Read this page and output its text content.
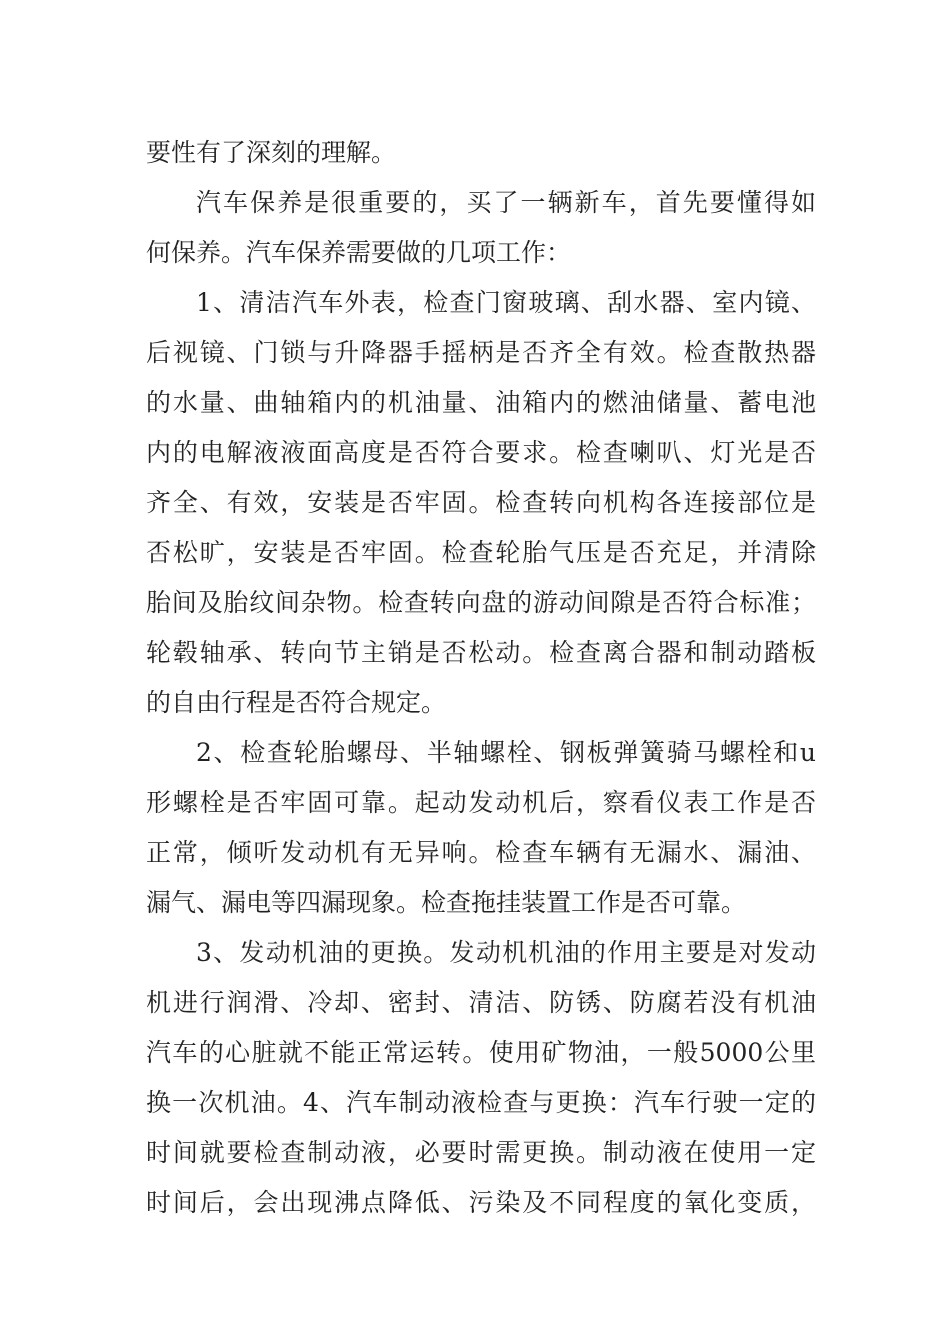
要性有了深刻的理解。
汽车保养是很重要的，买了一辆新车，首先要懂得如
何保养。汽车保养需要做的几项工作：
1、清洁汽车外表，检查门窗玻璃、刮水器、室内镜、
后视镜、门锁与升降器手摇柄是否齐全有效。检查散热器
的水量、曲轴箱内的机油量、油箱内的燃油储量、蓄电池
内的电解液液面高度是否符合要求。检查喇叭、灯光是否
齐全、有效，安装是否牢固。检查转向机构各连接部位是
否松旷，安装是否牢固。检查轮胎气压是否充足，并清除
胎间及胎纹间杂物。检查转向盘的游动间隙是否符合标准；
轮毂轴承、转向节主销是否松动。检查离合器和制动踏板
的自由行程是否符合规定。
2、检查轮胎螺母、半轴螺栓、钢板弹簧骑马螺栓和u
形螺栓是否牢固可靠。起动发动机后，察看仪表工作是否
正常，倾听发动机有无异响。检查车辆有无漏水、漏油、
漏气、漏电等四漏现象。检查拖挂装置工作是否可靠。
3、发动机油的更换。发动机机油的作用主要是对发动
机进行润滑、冷却、密封、清洁、防锈、防腐若没有机油
汽车的心脏就不能正常运转。使用矿物油，一般5000公里
换一次机油。4、汽车制动液检查与更换：汽车行驶一定的
时间就要检查制动液，必要时需更换。制动液在使用一定
时间后，会出现沸点降低、污染及不同程度的氧化变质，
